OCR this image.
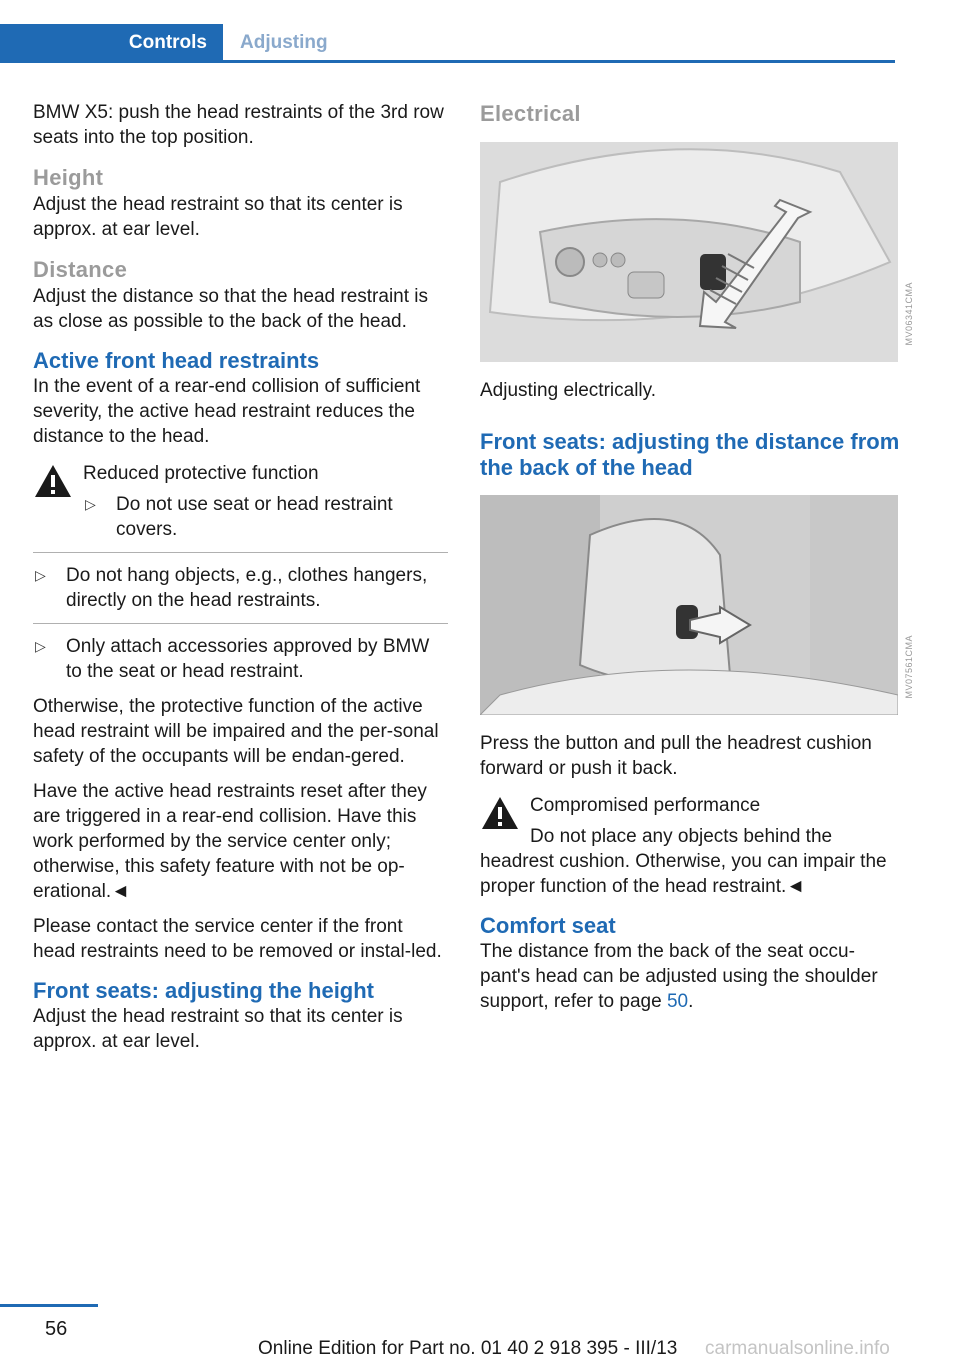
Controls	Adjusting

BMW X5: push the head restraints of the 3rd row seats into the top position.

Height

Adjust the head restraint so that its center is approx. at ear level.

Distance

Adjust the distance so that the head restraint is as close as possible to the back of the head.

Active front head restraints

In the event of a rear-end collision of sufficient severity, the active head restraint reduces the distance to the head.

Reduced protective function
▷ Do not use seat or head restraint covers.
▷ Do not hang objects, e.g., clothes hangers, directly on the head restraints.
▷ Only attach accessories approved by BMW to the seat or head restraint.

Otherwise, the protective function of the active head restraint will be impaired and the per-sonal safety of the occupants will be endan-gered.

Have the active head restraints reset after they are triggered in a rear-end collision. Have this work performed by the service center only; otherwise, this safety feature with not be op-erational.◄

Please contact the service center if the front head restraints need to be removed or instal-led.

Front seats: adjusting the height

Adjust the head restraint so that its center is approx. at ear level.

Electrical
MV06341CMA

Adjusting electrically.

Front seats: adjusting the distance from the back of the head
MV07561CMA

Press the button and pull the headrest cushion forward or push it back.

Compromised performance

Do not place any objects behind the headrest cushion. Otherwise, you can impair the proper function of the head restraint.◄

Comfort seat

The distance from the back of the seat occu-pant's head can be adjusted using the shoulder support, refer to page 50.

56
Online Edition for Part no. 01 40 2 918 395 - III/13 carmanualsonline.info
